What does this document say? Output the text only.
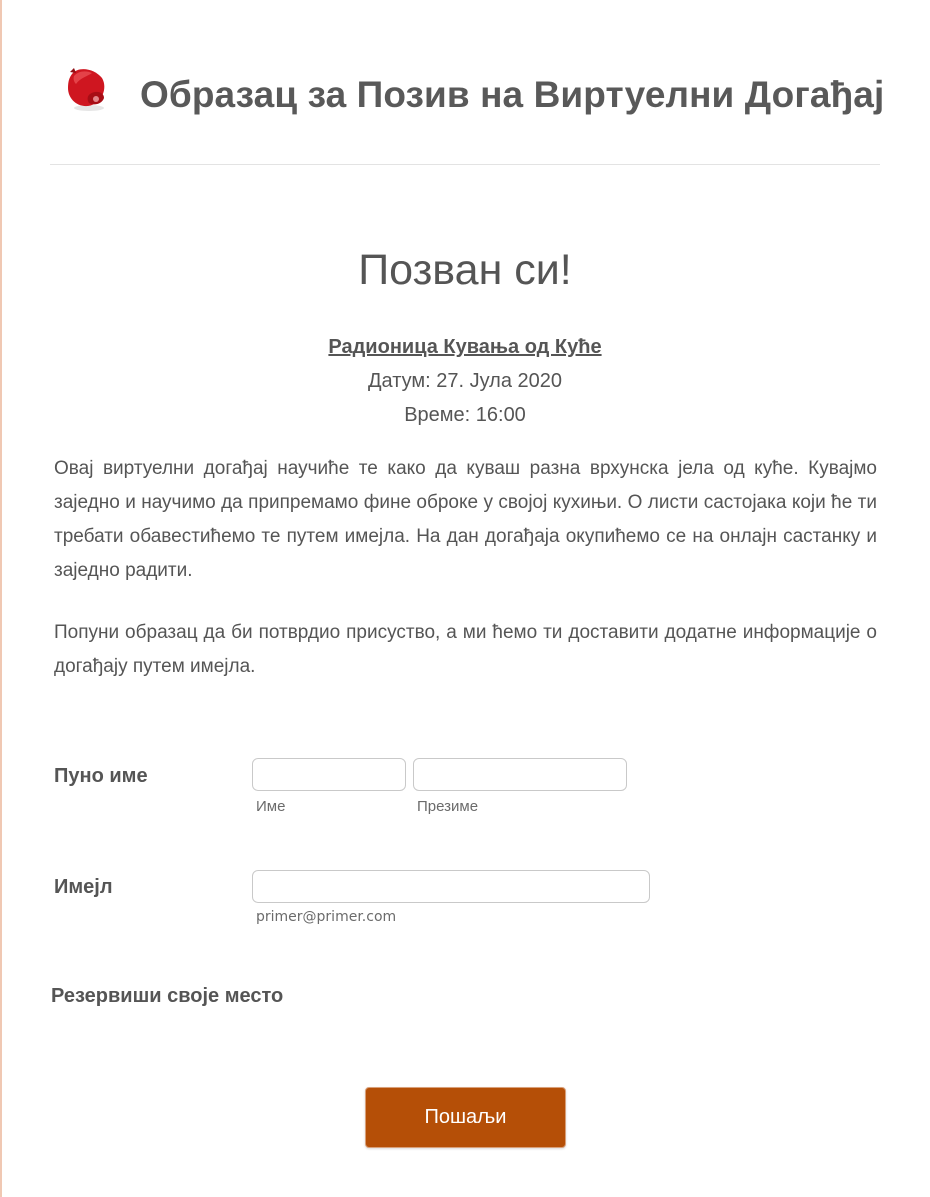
Образац за Позив на Виртуелни Догађај
Позван си!
Радионица Кувања од Куће
Датум: 27. Јула 2020
Време: 16:00

Овај виртуелни догађај научиће те како да куваш разна врхунска јела од куће. Кувајмо заједно и научимо да припремамо фине оброке у својој кухињи. О листи састојака који ће ти требати обавестићемо те путем имејла. На дан догађаја окупићемо се на онлајн састанку и заједно радити.

Попуни образац да би потврдио присуство, а ми ћемо ти доставити додатне информације о догађају путем имејла.

Пуно име
Име	Презиме
Имејл
primer@primer.com
Резервиши своје место
Пошаљи
